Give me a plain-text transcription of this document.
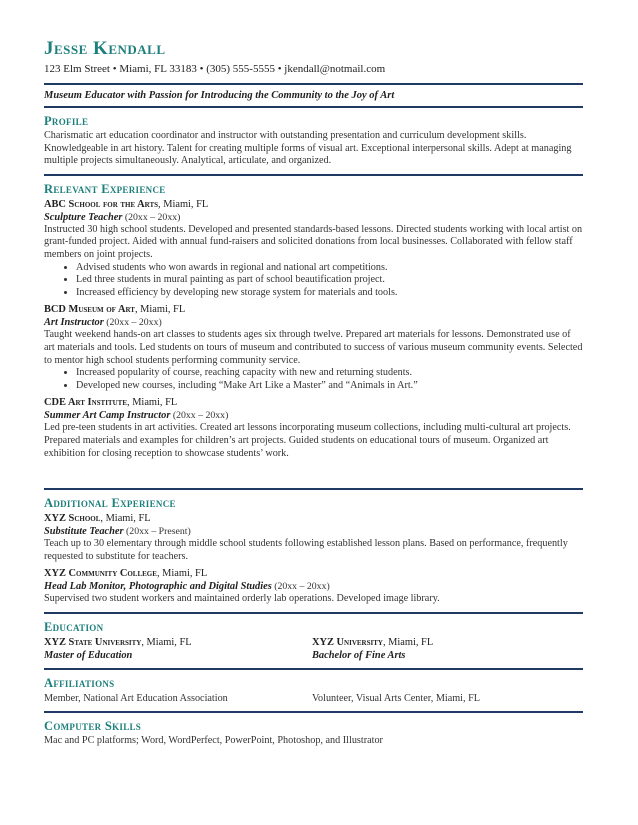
Jesse Kendall
123 Elm Street • Miami, FL 33183 • (305) 555-5555 • jkendall@notmail.com
Museum Educator with Passion for Introducing the Community to the Joy of Art
Profile

Charismatic art education coordinator and instructor with outstanding presentation and curriculum development skills. Knowledgeable in art history. Talent for creating multiple forms of visual art. Exceptional interpersonal skills. Adept at managing multiple projects simultaneously. Analytical, articulate, and organized.

Relevant Experience
ABC School for the Arts, Miami, FL
Sculpture Teacher (20xx – 20xx)

Instructed 30 high school students. Developed and presented standards-based lessons. Directed students working with local artist on grant-funded project. Aided with annual fund-raisers and solicited donations from local businesses. Collaborated with fellow staff members on joint projects.

• Advised students who won awards in regional and national art competitions.
• Led three students in mural painting as part of school beautification project.
• Increased efficiency by developing new storage system for materials and tools.
BCD Museum of Art, Miami, FL
Art Instructor (20xx – 20xx)

Taught weekend hands-on art classes to students ages six through twelve. Prepared art materials for lessons. Demonstrated use of art materials and tools. Led students on tours of museum and contributed to success of various museum community events. Selected to mentor high school students performing community service.

• Increased popularity of course, reaching capacity with new and returning students.
• Developed new courses, including “Make Art Like a Master” and “Animals in Art.”
CDE Art Institute, Miami, FL
Summer Art Camp Instructor (20xx – 20xx)

Led pre-teen students in art activities. Created art lessons incorporating museum collections, including multi-cultural art projects. Prepared materials and examples for children’s art projects. Guided students on educational tours of museum. Organized art exhibition for closing reception to showcase students’ work.

Additional Experience
XYZ School, Miami, FL
Substitute Teacher (20xx – Present)

Teach up to 30 elementary through middle school students following established lesson plans. Based on performance, frequently requested to substitute for teachers.

XYZ Community College, Miami, FL
Head Lab Monitor, Photographic and Digital Studies (20xx – 20xx)

Supervised two student workers and maintained orderly lab operations. Developed image library.

Education
XYZ State University, Miami, FL
Master of Education
XYZ University, Miami, FL
Bachelor of Fine Arts
Affiliations
Member, National Art Education Association	Volunteer, Visual Arts Center, Miami, FL
Computer Skills

Mac and PC platforms; Word, WordPerfect, PowerPoint, Photoshop, and Illustrator
